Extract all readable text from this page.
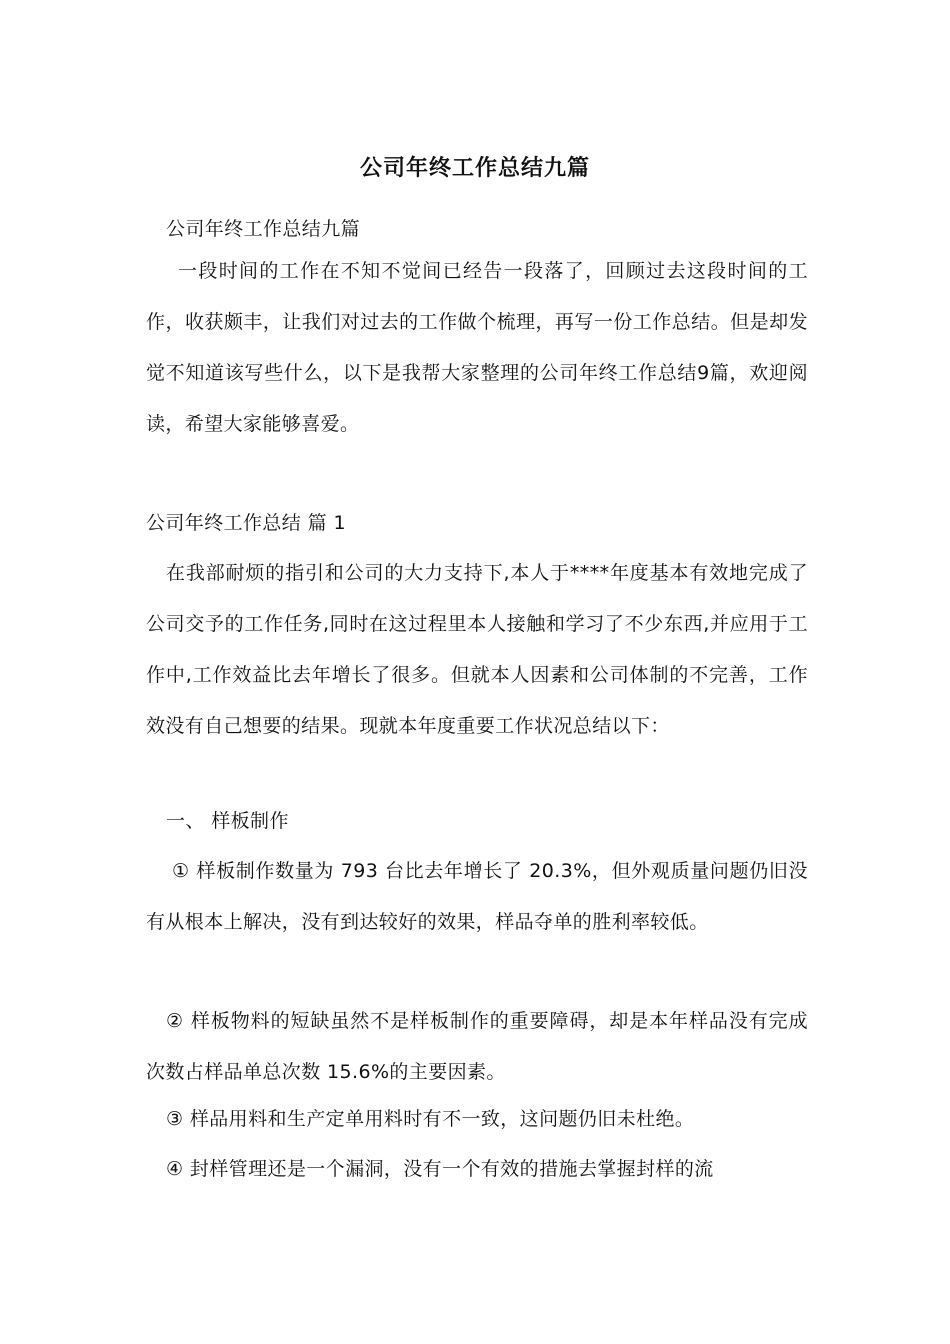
公司年终工作总结九篇
公司年终工作总结九篇
一段时间的工作在不知不觉间已经告一段落了，回顾过去这段时间的工作，收获颇丰，让我们对过去的工作做个梳理，再写一份工作总结。但是却发觉不知道该写些什么，以下是我帮大家整理的公司年终工作总结9篇，欢迎阅读，希望大家能够喜爱。
公司年终工作总结 篇 1
在我部耐烦的指引和公司的大力支持下,本人于****年度基本有效地完成了公司交予的工作任务,同时在这过程里本人接触和学习了不少东西,并应用于工作中,工作效益比去年增长了很多。但就本人因素和公司体制的不完善，工作效没有自己想要的结果。现就本年度重要工作状况总结以下：
一、 样板制作
① 样板制作数量为 793 台比去年增长了 20.3%，但外观质量问题仍旧没有从根本上解决，没有到达较好的效果，样品夺单的胜利率较低。
② 样板物料的短缺虽然不是样板制作的重要障碍，却是本年样品没有完成次数占样品单总次数 15.6%的主要因素。
③ 样品用料和生产定单用料时有不一致，这问题仍旧未杜绝。
④ 封样管理还是一个漏洞，没有一个有效的措施去掌握封样的流
